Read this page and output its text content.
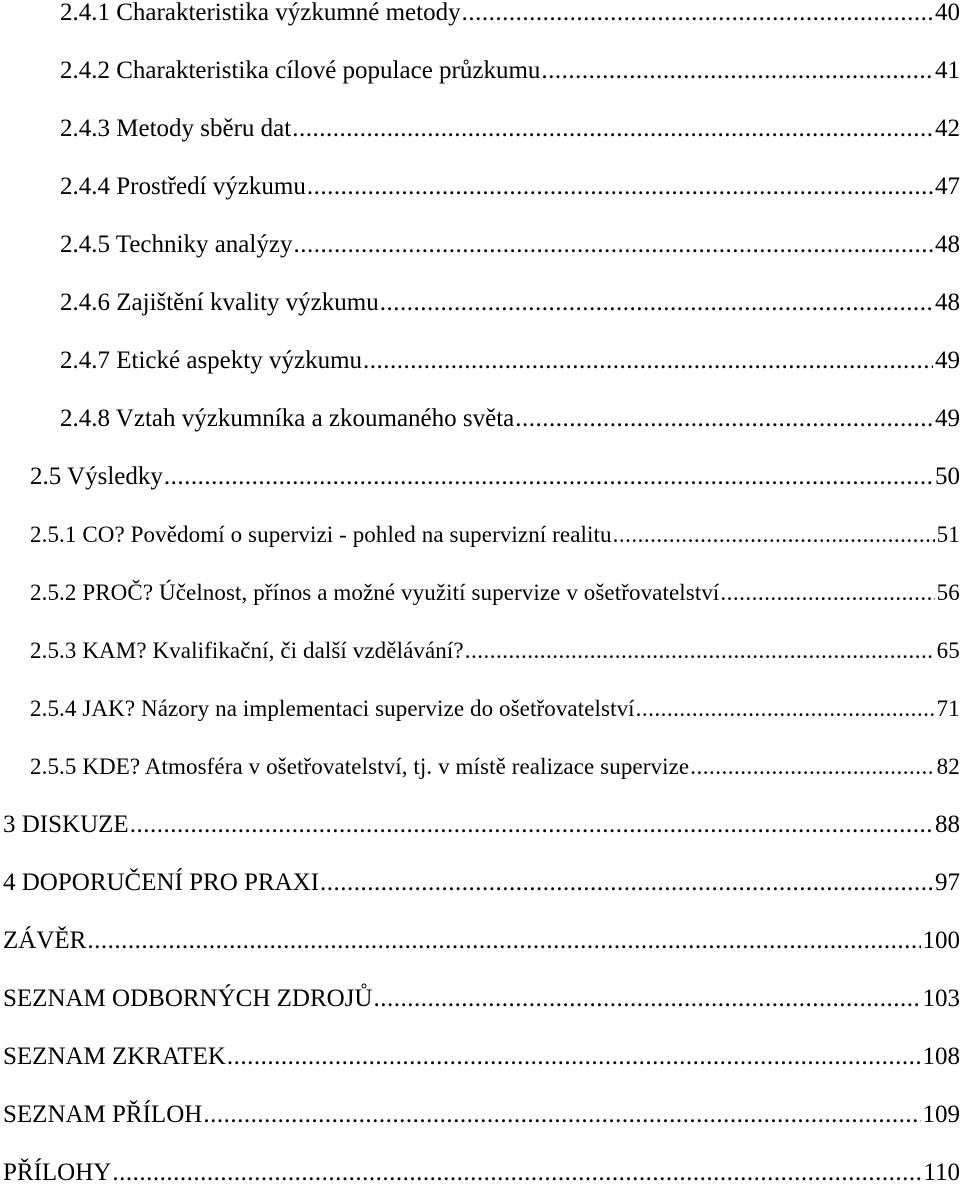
2.4.1 Charakteristika výzkumné metody .....	40
2.4.2 Charakteristika cílové populace průzkumu .....	41
2.4.3 Metody sběru dat .....	42
2.4.4 Prostředí výzkumu .....	47
2.4.5 Techniky analýzy .....	48
2.4.6 Zajištění kvality výzkumu .....	48
2.4.7 Etické aspekty výzkumu .....	49
2.4.8 Vztah výzkumníka a zkoumaného světa .....	49
2.5 Výsledky .....	50
2.5.1 CO? Povědomí o supervizi - pohled na supervizní realitu .....	51
2.5.2 PROČ? Účelnost, přínos a možné využití supervize v ošetřovatelství .....	56
2.5.3 KAM? Kvalifikační, či další vzdělávání? .....	65
2.5.4 JAK? Názory na implementaci supervize do ošetřovatelství .....	71
2.5.5 KDE? Atmosféra v ošetřovatelství, tj. v místě realizace supervize .....	82
3 DISKUZE .....	88
4 DOPORUČENÍ PRO PRAXI .....	97
ZÁVĚR .....	100
SEZNAM ODBORNÝCH ZDROJŮ .....	103
SEZNAM ZKRATEK .....	108
SEZNAM PŘÍLOH .....	109
PŘÍLOHY .....	110
